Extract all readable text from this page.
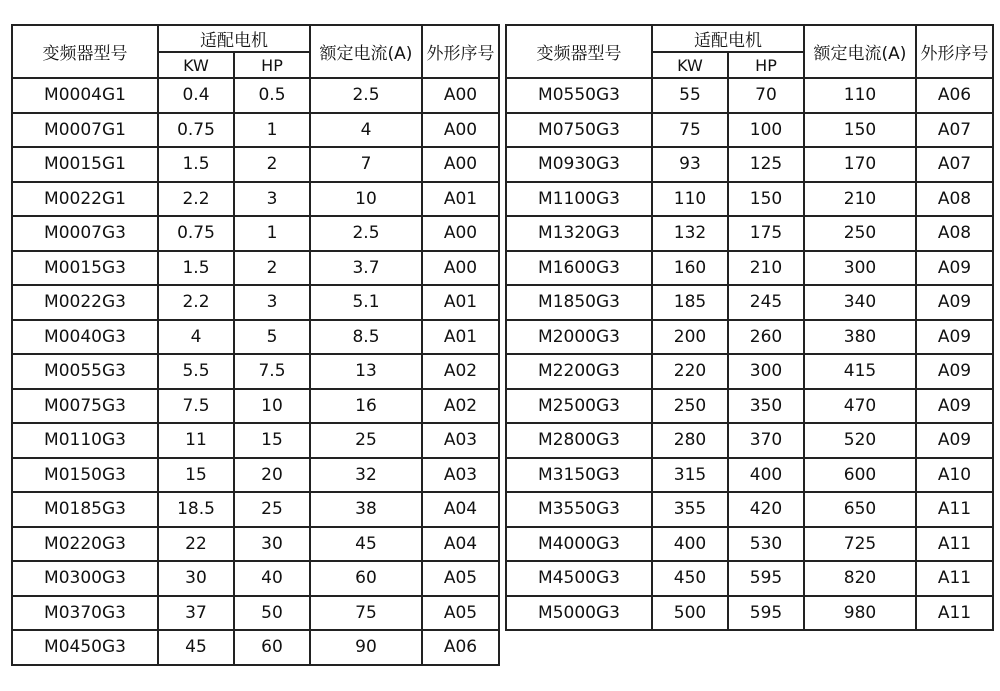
变频器型号	适配电机		额定电流(A)	外形序号
	KW	HP		
M0004G1	0.4	0.5	2.5	A00
M0007G1	0.75	1	4	A00
M0015G1	1.5	2	7	A00
M0022G1	2.2	3	10	A01
M0007G3	0.75	1	2.5	A00
M0015G3	1.5	2	3.7	A00
M0022G3	2.2	3	5.1	A01
M0040G3	4	5	8.5	A01
M0055G3	5.5	7.5	13	A02
M0075G3	7.5	10	16	A02
M0110G3	11	15	25	A03
M0150G3	15	20	32	A03
M0185G3	18.5	25	38	A04
M0220G3	22	30	45	A04
M0300G3	30	40	60	A05
M0370G3	37	50	75	A05
M0450G3	45	60	90	A06
变频器型号	适配电机		额定电流(A)	外形序号
	KW	HP		
M0550G3	55	70	110	A06
M0750G3	75	100	150	A07
M0930G3	93	125	170	A07
M1100G3	110	150	210	A08
M1320G3	132	175	250	A08
M1600G3	160	210	300	A09
M1850G3	185	245	340	A09
M2000G3	200	260	380	A09
M2200G3	220	300	415	A09
M2500G3	250	350	470	A09
M2800G3	280	370	520	A09
M3150G3	315	400	600	A10
M3550G3	355	420	650	A11
M4000G3	400	530	725	A11
M4500G3	450	595	820	A11
M5000G3	500	595	980	A11
